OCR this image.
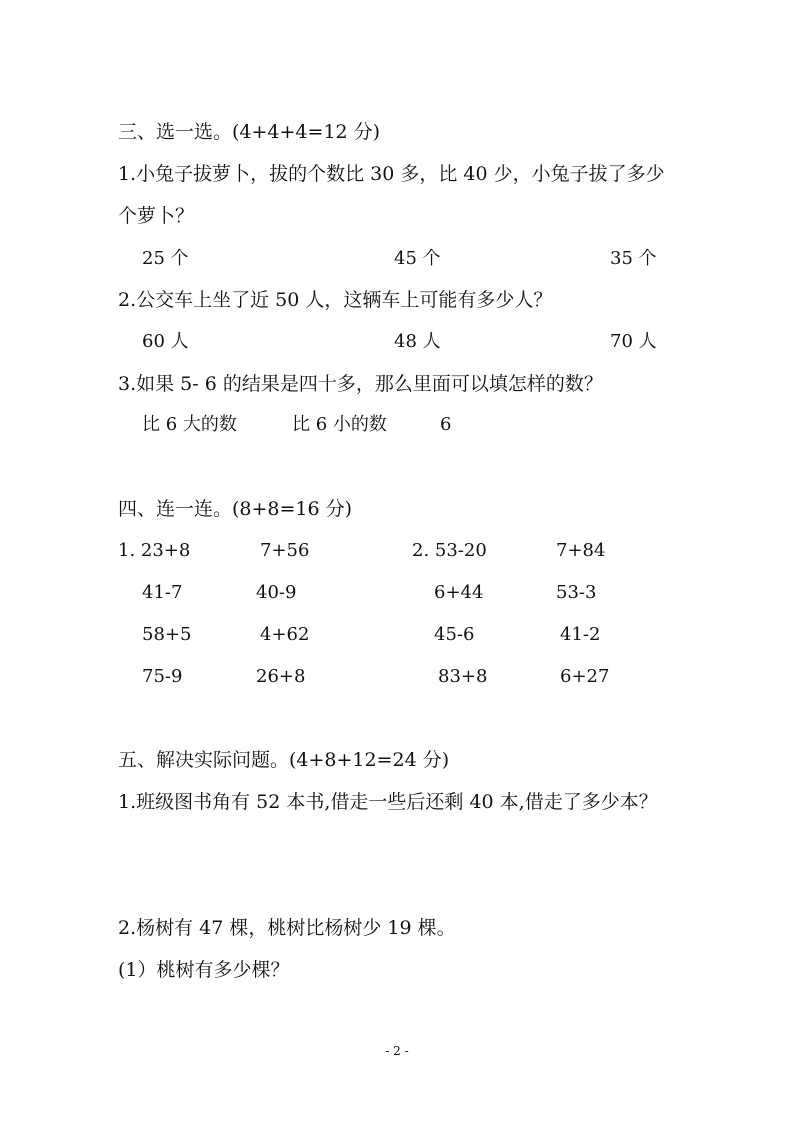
三、选一选。(4+4+4=12 分)
1.小兔子拔萝卜，拔的个数比 30 多，比 40 少，小兔子拔了多少
个萝卜？
25 个	45 个	35 个
2.公交车上坐了近 50 人，这辆车上可能有多少人？
60 人	48 人	70 人
3.如果 5- 6 的结果是四十多，那么里面可以填怎样的数？
比 6 大的数	比 6 小的数	6
四、连一连。(8+8=16 分)
1. 23+8	7+56	2. 53-20	7+84
41-7	40-9	6+44	53-3
58+5	4+62	45-6	41-2
75-9	26+8	83+8	6+27
五、解决实际问题。(4+8+12=24 分)
1.班级图书角有 52 本书,借走一些后还剩 40 本,借走了多少本？
2.杨树有 47 棵，桃树比杨树少 19 棵。
(1）桃树有多少棵？
- 2 -
